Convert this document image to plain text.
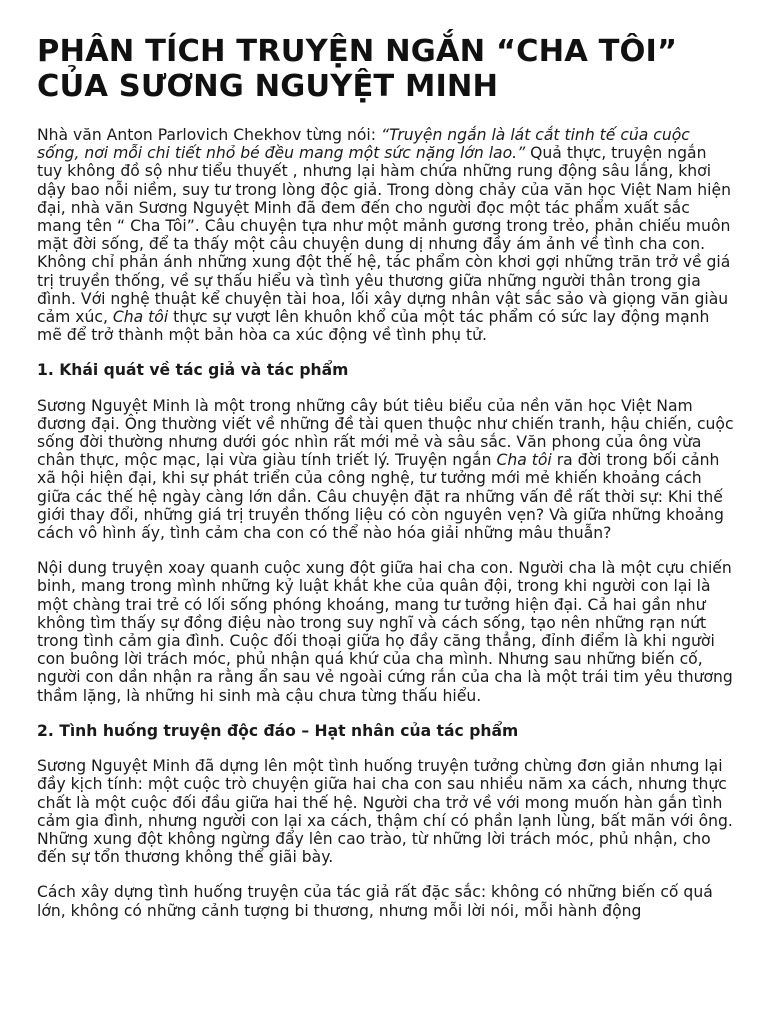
PHÂN TÍCH TRUYỆN NGẮN “CHA TÔI”
CỦA SƯƠNG NGUYỆT MINH

Nhà văn Anton Parlovich Chekhov từng nói: “Truyện ngắn là lát cắt tinh tế của cuộc sống, nơi mỗi chi tiết nhỏ bé đều mang một sức nặng lớn lao.” Quả thực, truyện ngắn tuy không đồ sộ như tiểu thuyết , nhưng lại hàm chứa những rung động sâu lắng, khơi dậy bao nỗi niềm, suy tư trong lòng độc giả. Trong dòng chảy của văn học Việt Nam hiện đại, nhà văn Sương Nguyệt Minh đã đem đến cho người đọc một tác phẩm xuất sắc mang tên “ Cha Tôi”. Câu chuyện tựa như một mảnh gương trong trẻo, phản chiếu muôn mặt đời sống, để ta thấy một câu chuyện dung dị nhưng đầy ám ảnh về tình cha con. Không chỉ phản ánh những xung đột thế hệ, tác phẩm còn khơi gợi những trăn trở về giá trị truyền thống, về sự thấu hiểu và tình yêu thương giữa những người thân trong gia đình. Với nghệ thuật kể chuyện tài hoa, lối xây dựng nhân vật sắc sảo và giọng văn giàu cảm xúc, Cha tôi thực sự vượt lên khuôn khổ của một tác phẩm có sức lay động mạnh mẽ để trở thành một bản hòa ca xúc động về tình phụ tử.

1. Khái quát về tác giả và tác phẩm

Sương Nguyệt Minh là một trong những cây bút tiêu biểu của nền văn học Việt Nam đương đại. Ông thường viết về những đề tài quen thuộc như chiến tranh, hậu chiến, cuộc sống đời thường nhưng dưới góc nhìn rất mới mẻ và sâu sắc. Văn phong của ông vừa chân thực, mộc mạc, lại vừa giàu tính triết lý. Truyện ngắn Cha tôi ra đời trong bối cảnh xã hội hiện đại, khi sự phát triển của công nghệ, tư tưởng mới mẻ khiến khoảng cách giữa các thế hệ ngày càng lớn dần. Câu chuyện đặt ra những vấn đề rất thời sự: Khi thế giới thay đổi, những giá trị truyền thống liệu có còn nguyên vẹn? Và giữa những khoảng cách vô hình ấy, tình cảm cha con có thể nào hóa giải những mâu thuẫn?

Nội dung truyện xoay quanh cuộc xung đột giữa hai cha con. Người cha là một cựu chiến binh, mang trong mình những kỷ luật khắt khe của quân đội, trong khi người con lại là một chàng trai trẻ có lối sống phóng khoáng, mang tư tưởng hiện đại. Cả hai gần như không tìm thấy sự đồng điệu nào trong suy nghĩ và cách sống, tạo nên những rạn nứt trong tình cảm gia đình. Cuộc đối thoại giữa họ đầy căng thẳng, đỉnh điểm là khi người con buông lời trách móc, phủ nhận quá khứ của cha mình. Nhưng sau những biến cố, người con dần nhận ra rằng ẩn sau vẻ ngoài cứng rắn của cha là một trái tim yêu thương thầm lặng, là những hi sinh mà cậu chưa từng thấu hiểu.

2. Tình huống truyện độc đáo – Hạt nhân của tác phẩm

Sương Nguyệt Minh đã dựng lên một tình huống truyện tưởng chừng đơn giản nhưng lại đầy kịch tính: một cuộc trò chuyện giữa hai cha con sau nhiều năm xa cách, nhưng thực chất là một cuộc đối đầu giữa hai thế hệ. Người cha trở về với mong muốn hàn gắn tình cảm gia đình, nhưng người con lại xa cách, thậm chí có phần lạnh lùng, bất mãn với ông. Những xung đột không ngừng đẩy lên cao trào, từ những lời trách móc, phủ nhận, cho đến sự tổn thương không thể giãi bày.

Cách xây dựng tình huống truyện của tác giả rất đặc sắc: không có những biến cố quá lớn, không có những cảnh tượng bi thương, nhưng mỗi lời nói, mỗi hành động
